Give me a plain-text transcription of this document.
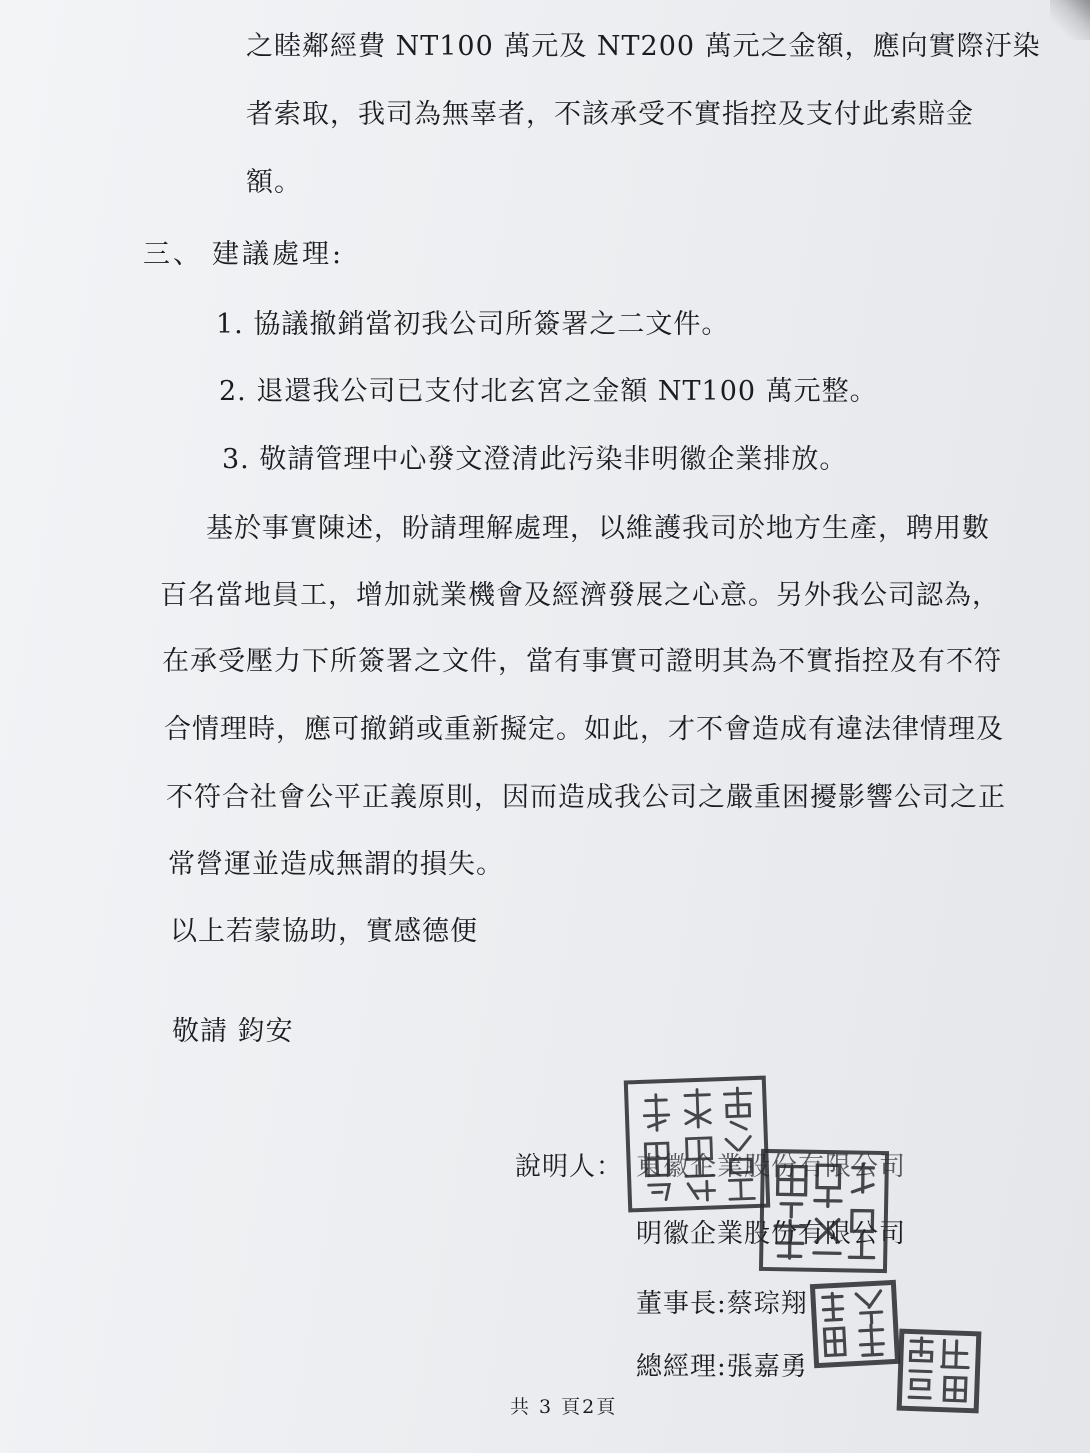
之睦鄰經費 NT100 萬元及 NT200 萬元之金額，應向實際汙染
者索取，我司為無辜者，不該承受不實指控及支付此索賠金
額。
三、 建議處理:
1. 協議撤銷當初我公司所簽署之二文件。
2. 退還我公司已支付北玄宮之金額 NT100 萬元整。
3. 敬請管理中心發文澄清此污染非明徽企業排放。
基於事實陳述，盼請理解處理，以維護我司於地方生產，聘用數
百名當地員工，增加就業機會及經濟發展之心意。另外我公司認為，
在承受壓力下所簽署之文件，當有事實可證明其為不實指控及有不符
合情理時，應可撤銷或重新擬定。如此，才不會造成有違法律情理及
不符合社會公平正義原則，因而造成我公司之嚴重困擾影響公司之正
常營運並造成無謂的損失。
以上若蒙協助，實感德便
敬請 鈞安
說明人： 東徽企業股份有限公司
明徽企業股份有限公司
董事長:蔡琮翔
總經理:張嘉勇
共 3 頁2頁
